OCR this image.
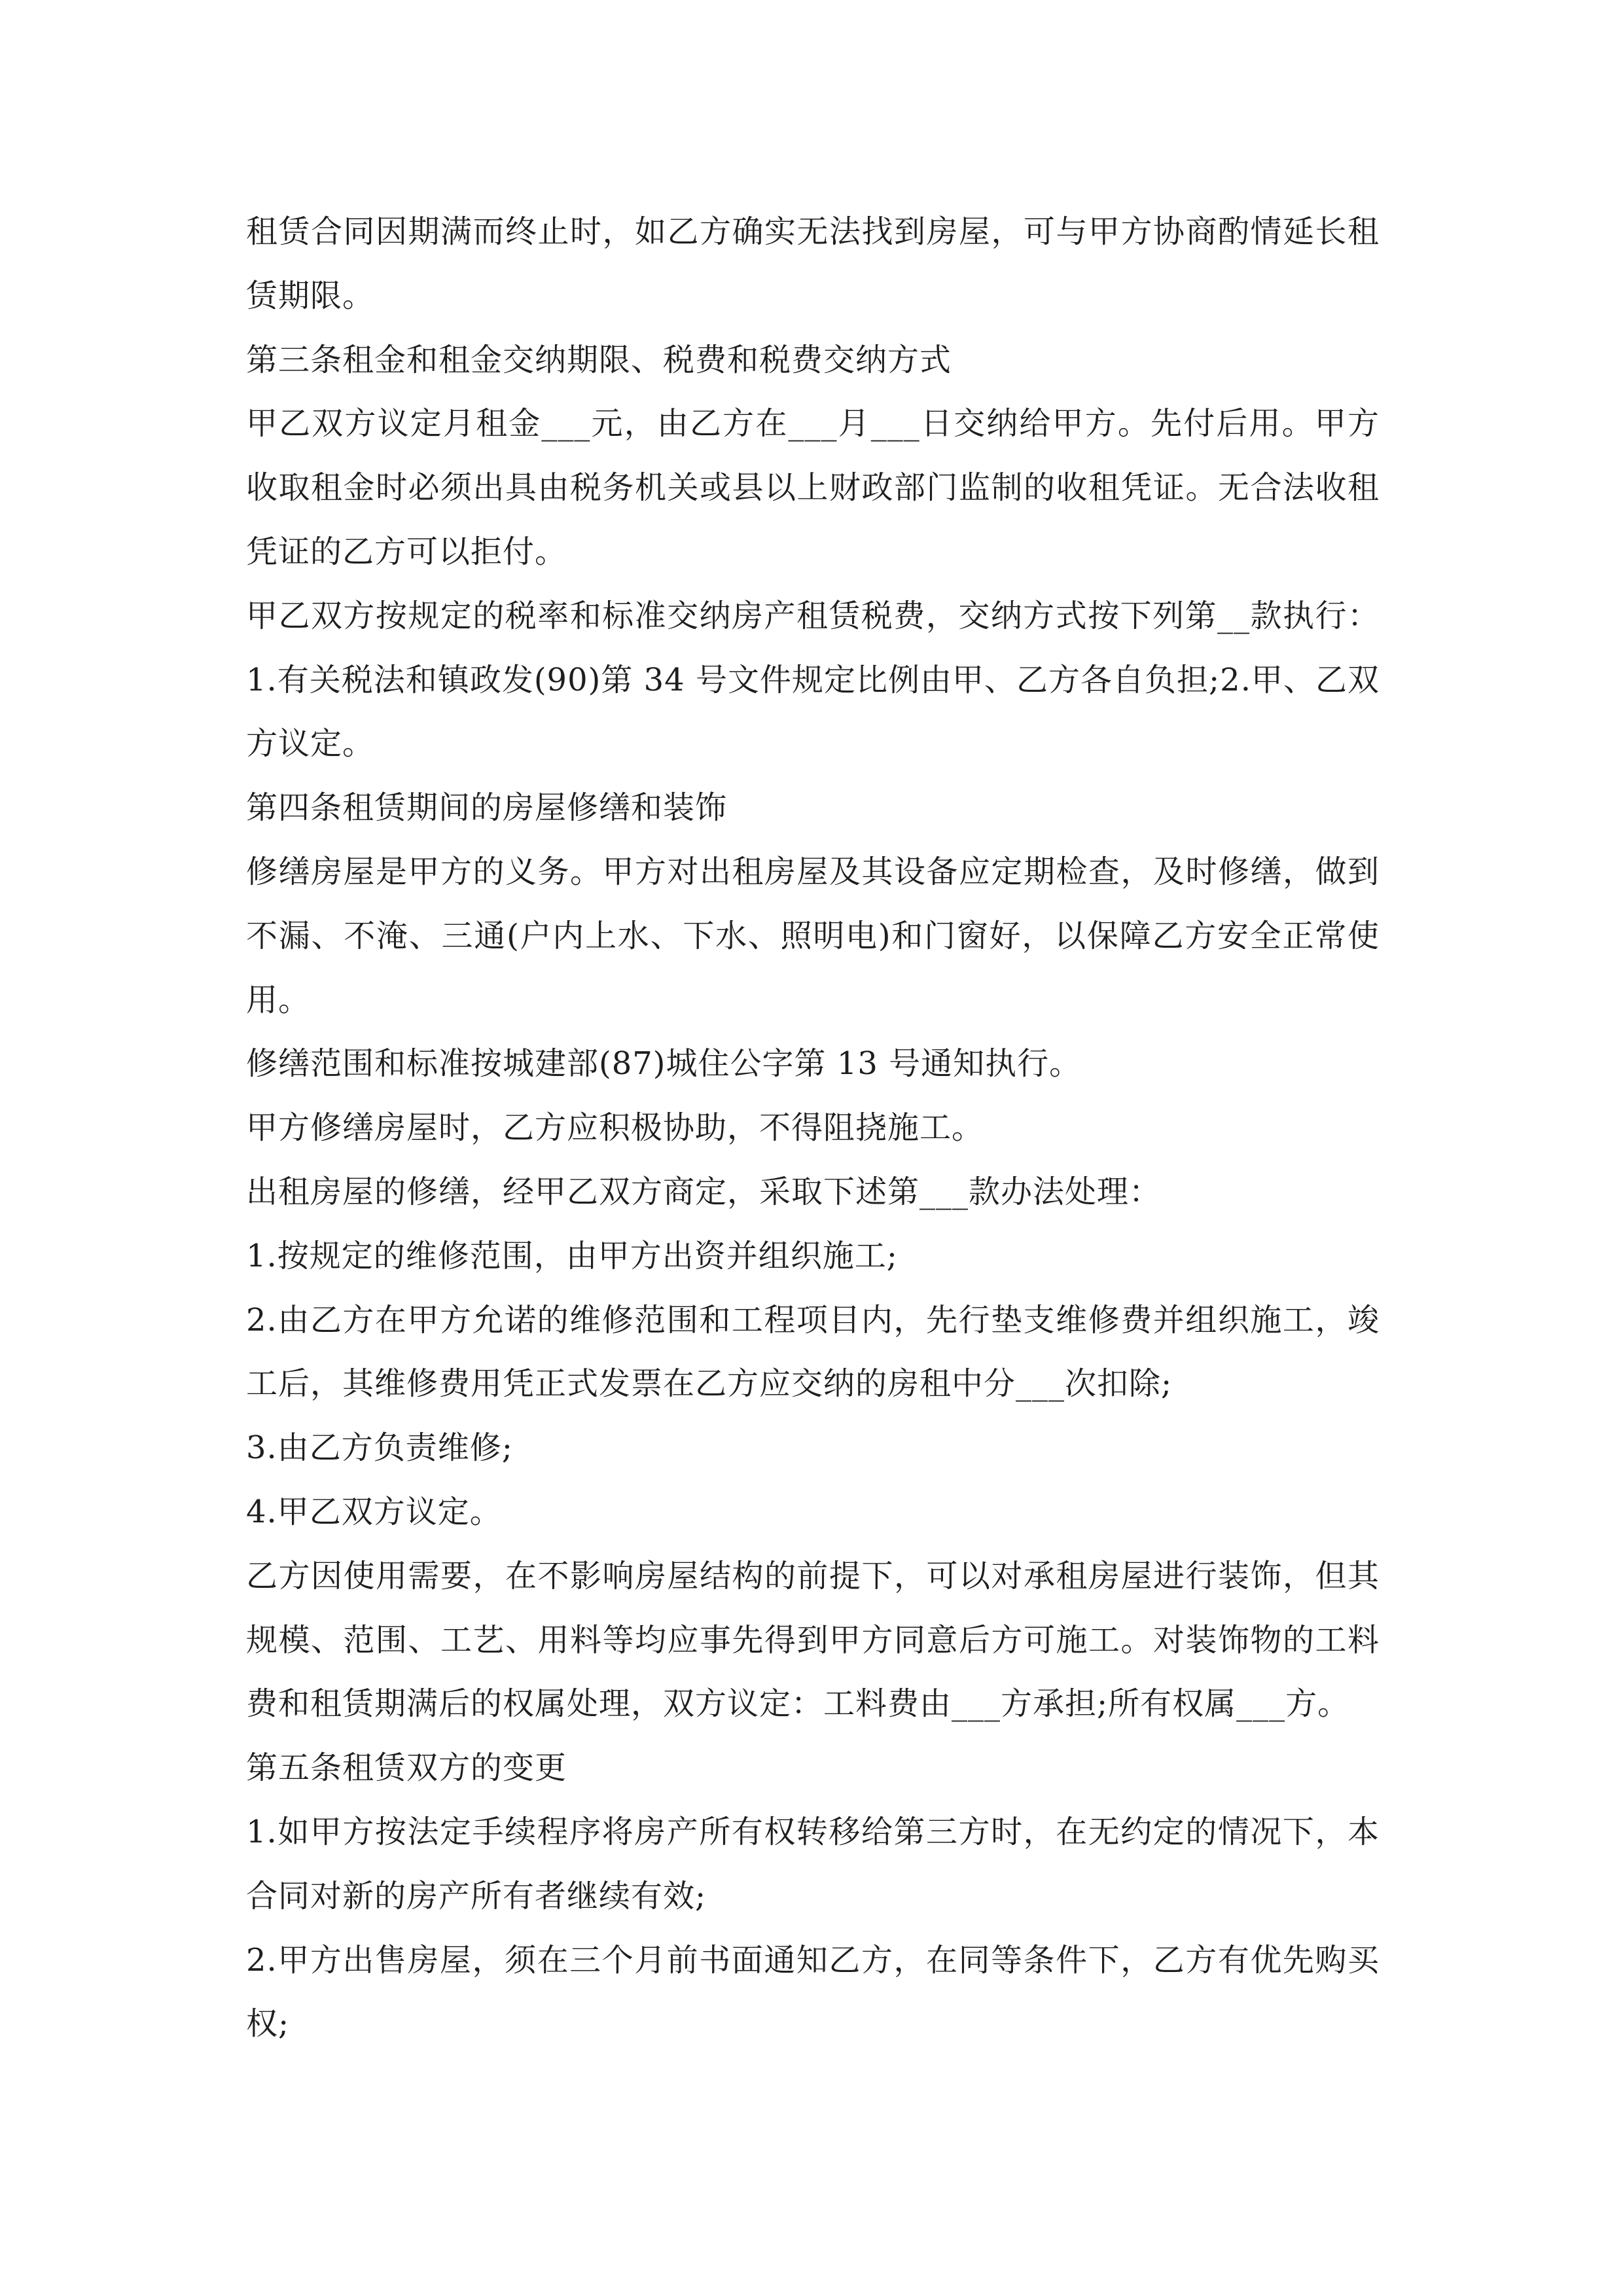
租赁合同因期满而终止时，如乙方确实无法找到房屋，可与甲方协商酌情延长租赁期限。

第三条租金和租金交纳期限、税费和税费交纳方式

甲乙双方议定月租金___元，由乙方在___月___日交纳给甲方。先付后用。甲方收取租金时必须出具由税务机关或县以上财政部门监制的收租凭证。无合法收租凭证的乙方可以拒付。

甲乙双方按规定的税率和标准交纳房产租赁税费，交纳方式按下列第__款执行：1.有关税法和镇政发(90)第 34 号文件规定比例由甲、乙方各自负担;2.甲、乙双方议定。

第四条租赁期间的房屋修缮和装饰

修缮房屋是甲方的义务。甲方对出租房屋及其设备应定期检查，及时修缮，做到不漏、不淹、三通(户内上水、下水、照明电)和门窗好，以保障乙方安全正常使用。

修缮范围和标准按城建部(87)城住公字第 13 号通知执行。

甲方修缮房屋时，乙方应积极协助，不得阻挠施工。

出租房屋的修缮，经甲乙双方商定，采取下述第___款办法处理：

1.按规定的维修范围，由甲方出资并组织施工;

2.由乙方在甲方允诺的维修范围和工程项目内，先行垫支维修费并组织施工，竣工后，其维修费用凭正式发票在乙方应交纳的房租中分___次扣除;

3.由乙方负责维修;

4.甲乙双方议定。

乙方因使用需要，在不影响房屋结构的前提下，可以对承租房屋进行装饰，但其规模、范围、工艺、用料等均应事先得到甲方同意后方可施工。对装饰物的工料费和租赁期满后的权属处理，双方议定：工料费由___方承担;所有权属___方。

第五条租赁双方的变更

1.如甲方按法定手续程序将房产所有权转移给第三方时，在无约定的情况下，本合同对新的房产所有者继续有效;

2.甲方出售房屋，须在三个月前书面通知乙方，在同等条件下，乙方有优先购买权;
